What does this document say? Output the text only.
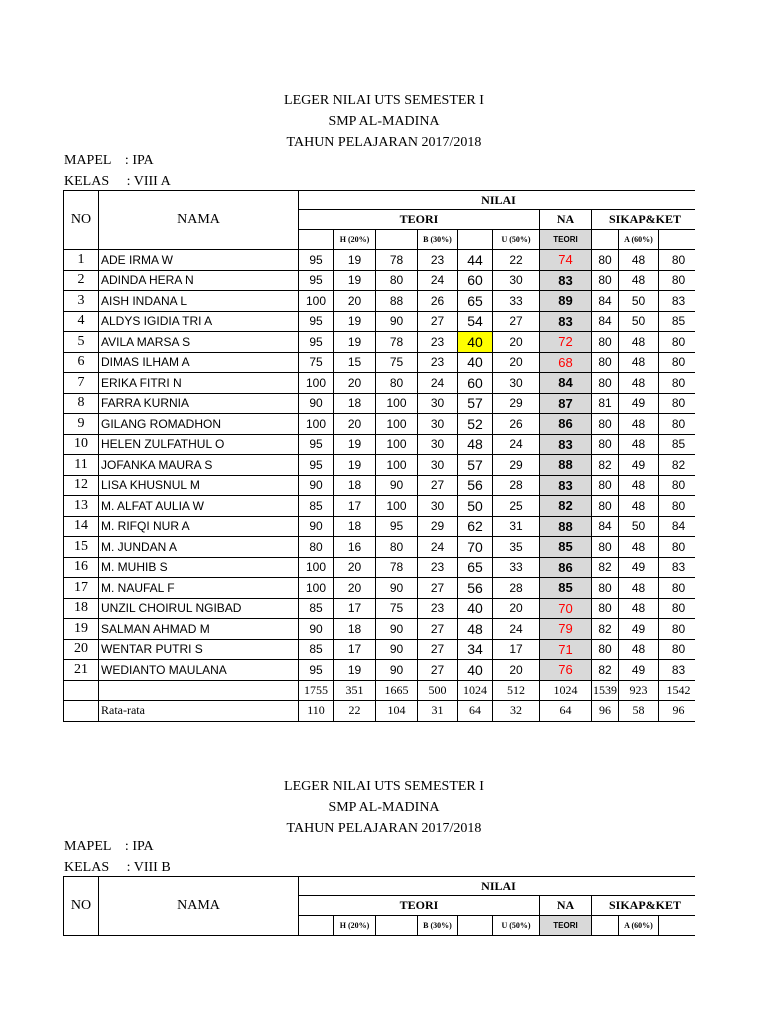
LEGER NILAI UTS SEMESTER I
SMP AL-MADINA
TAHUN PELAJARAN 2017/2018
MAPEL    : IPA
KELAS     : VIII A
NO	NAMA	NILAI									
		TEORI						NA	SIKAP&KET		
			H (20%)		B (30%)		U (50%)	TEORI		A (60%)	
1	ADE IRMA W	95	19	78	23	44	22	74	80	48	80
2	ADINDA HERA N	95	19	80	24	60	30	83	80	48	80
3	AISH INDANA L	100	20	88	26	65	33	89	84	50	83
4	ALDYS IGIDIA TRI A	95	19	90	27	54	27	83	84	50	85
5	AVILA MARSA S	95	19	78	23	40	20	72	80	48	80
6	DIMAS ILHAM A	75	15	75	23	40	20	68	80	48	80
7	ERIKA FITRI N	100	20	80	24	60	30	84	80	48	80
8	FARRA KURNIA	90	18	100	30	57	29	87	81	49	80
9	GILANG ROMADHON	100	20	100	30	52	26	86	80	48	80
10	HELEN ZULFATHUL O	95	19	100	30	48	24	83	80	48	85
11	JOFANKA MAURA S	95	19	100	30	57	29	88	82	49	82
12	LISA KHUSNUL M	90	18	90	27	56	28	83	80	48	80
13	M. ALFAT AULIA W	85	17	100	30	50	25	82	80	48	80
14	M. RIFQI NUR A	90	18	95	29	62	31	88	84	50	84
15	M. JUNDAN A	80	16	80	24	70	35	85	80	48	80
16	M. MUHIB S	100	20	78	23	65	33	86	82	49	83
17	M. NAUFAL F	100	20	90	27	56	28	85	80	48	80
18	UNZIL CHOIRUL NGIBAD	85	17	75	23	40	20	70	80	48	80
19	SALMAN AHMAD M	90	18	90	27	48	24	79	82	49	80
20	WENTAR PUTRI S	85	17	90	27	34	17	71	80	48	80
21	WEDIANTO MAULANA	95	19	90	27	40	20	76	82	49	83
		1755	351	1665	500	1024	512	1024	1539	923	1542
	Rata-rata	110	22	104	31	64	32	64	96	58	96
LEGER NILAI UTS SEMESTER I
SMP AL-MADINA
TAHUN PELAJARAN 2017/2018
MAPEL    : IPA
KELAS     : VIII B
NO	NAMA	NILAI									
		TEORI						NA	SIKAP&KET		
			H (20%)		B (30%)		U (50%)	TEORI		A (60%)	
